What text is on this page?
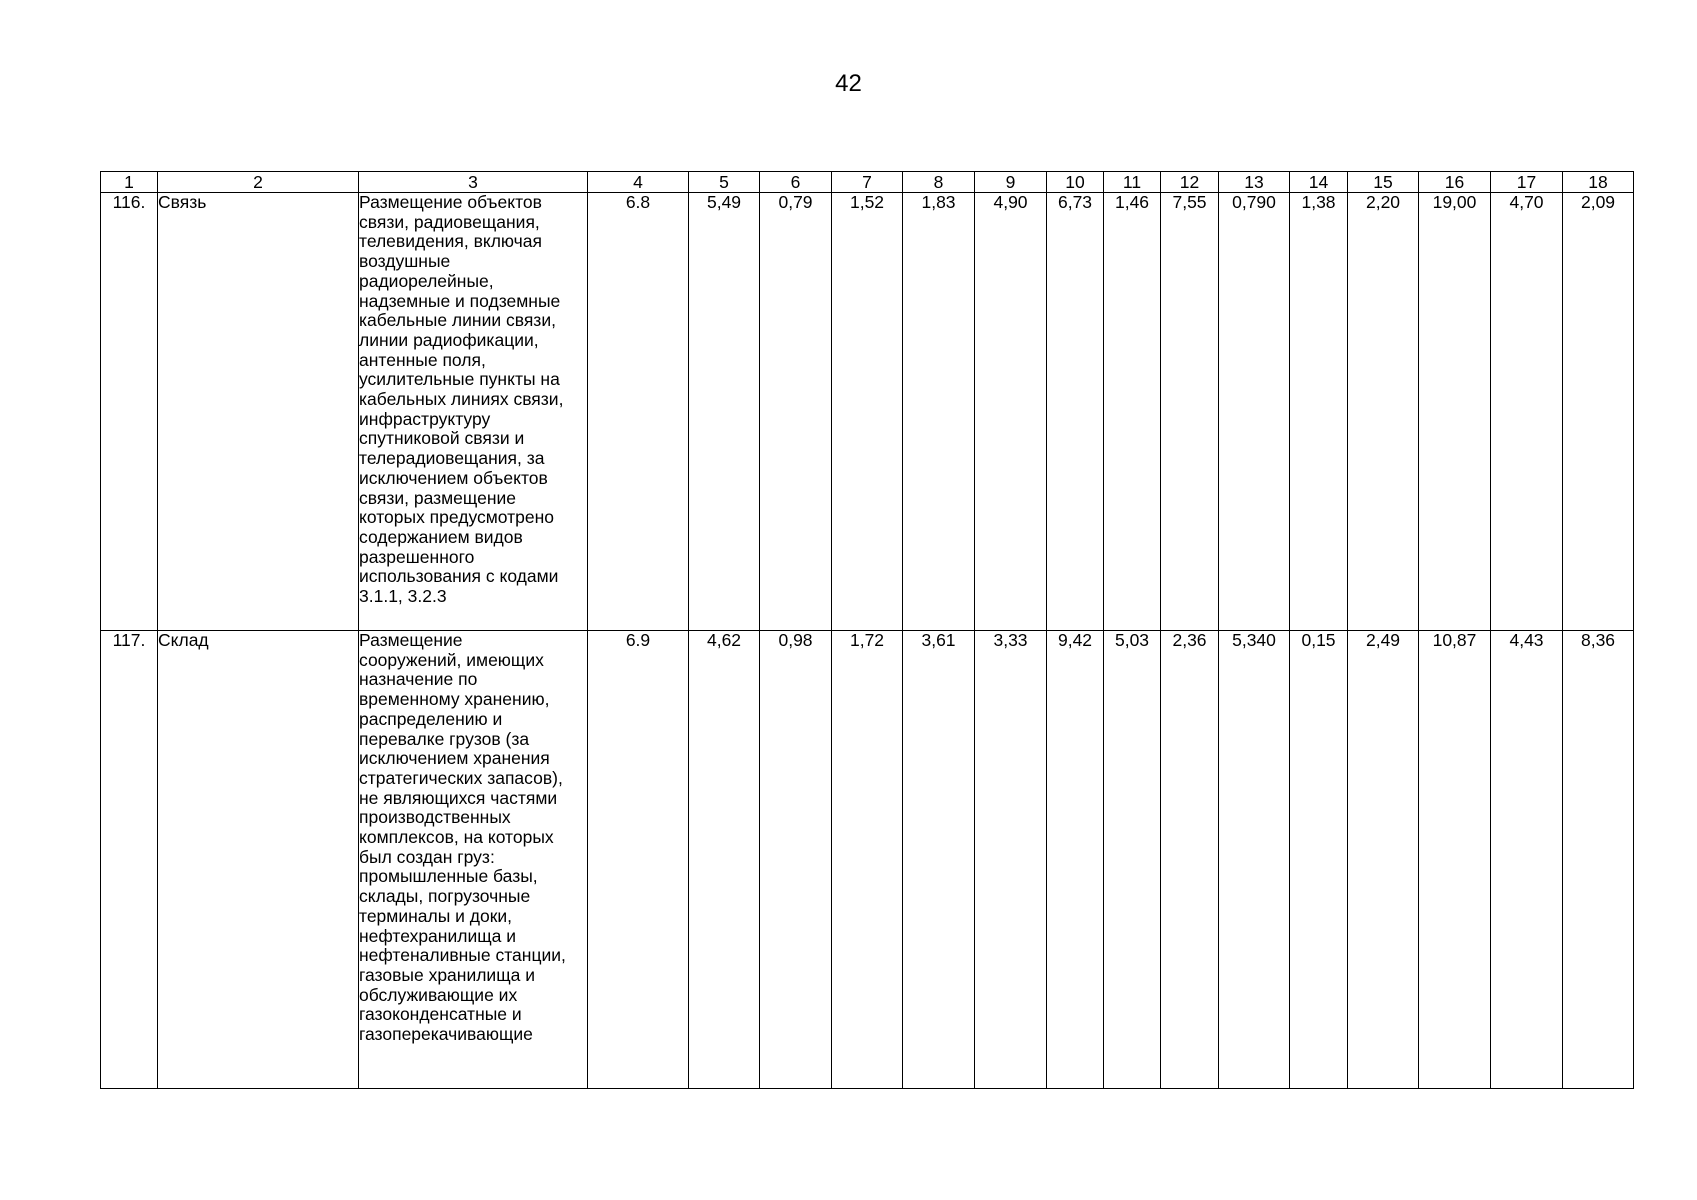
42
1	2	3	4	5	6	7	8	9	10	11	12	13	14	15	16	17	18
116.	Связь	Размещение объектов связи, радиовещания, телевидения, включая воздушные радиорелейные, надземные и подземные кабельные линии связи, линии радиофикации, антенные поля, усилительные пункты на кабельных линиях связи, инфраструктуру спутниковой связи и телерадиовещания, за исключением объектов связи, размещение которых предусмотрено содержанием видов разрешенного использования с кодами 3.1.1, 3.2.3	6.8	5,49	0,79	1,52	1,83	4,90	6,73	1,46	7,55	0,790	1,38	2,20	19,00	4,70	2,09
117.	Склад	Размещение сооружений, имеющих назначение по временному хранению, распределению и перевалке грузов (за исключением хранения стратегических запасов), не являющихся частями производственных комплексов, на которых был создан груз: промышленные базы, склады, погрузочные терминалы и доки, нефтехранилища и нефтеналивные станции, газовые хранилища и обслуживающие их газоконденсатные и газоперекачивающие	6.9	4,62	0,98	1,72	3,61	3,33	9,42	5,03	2,36	5,340	0,15	2,49	10,87	4,43	8,36
